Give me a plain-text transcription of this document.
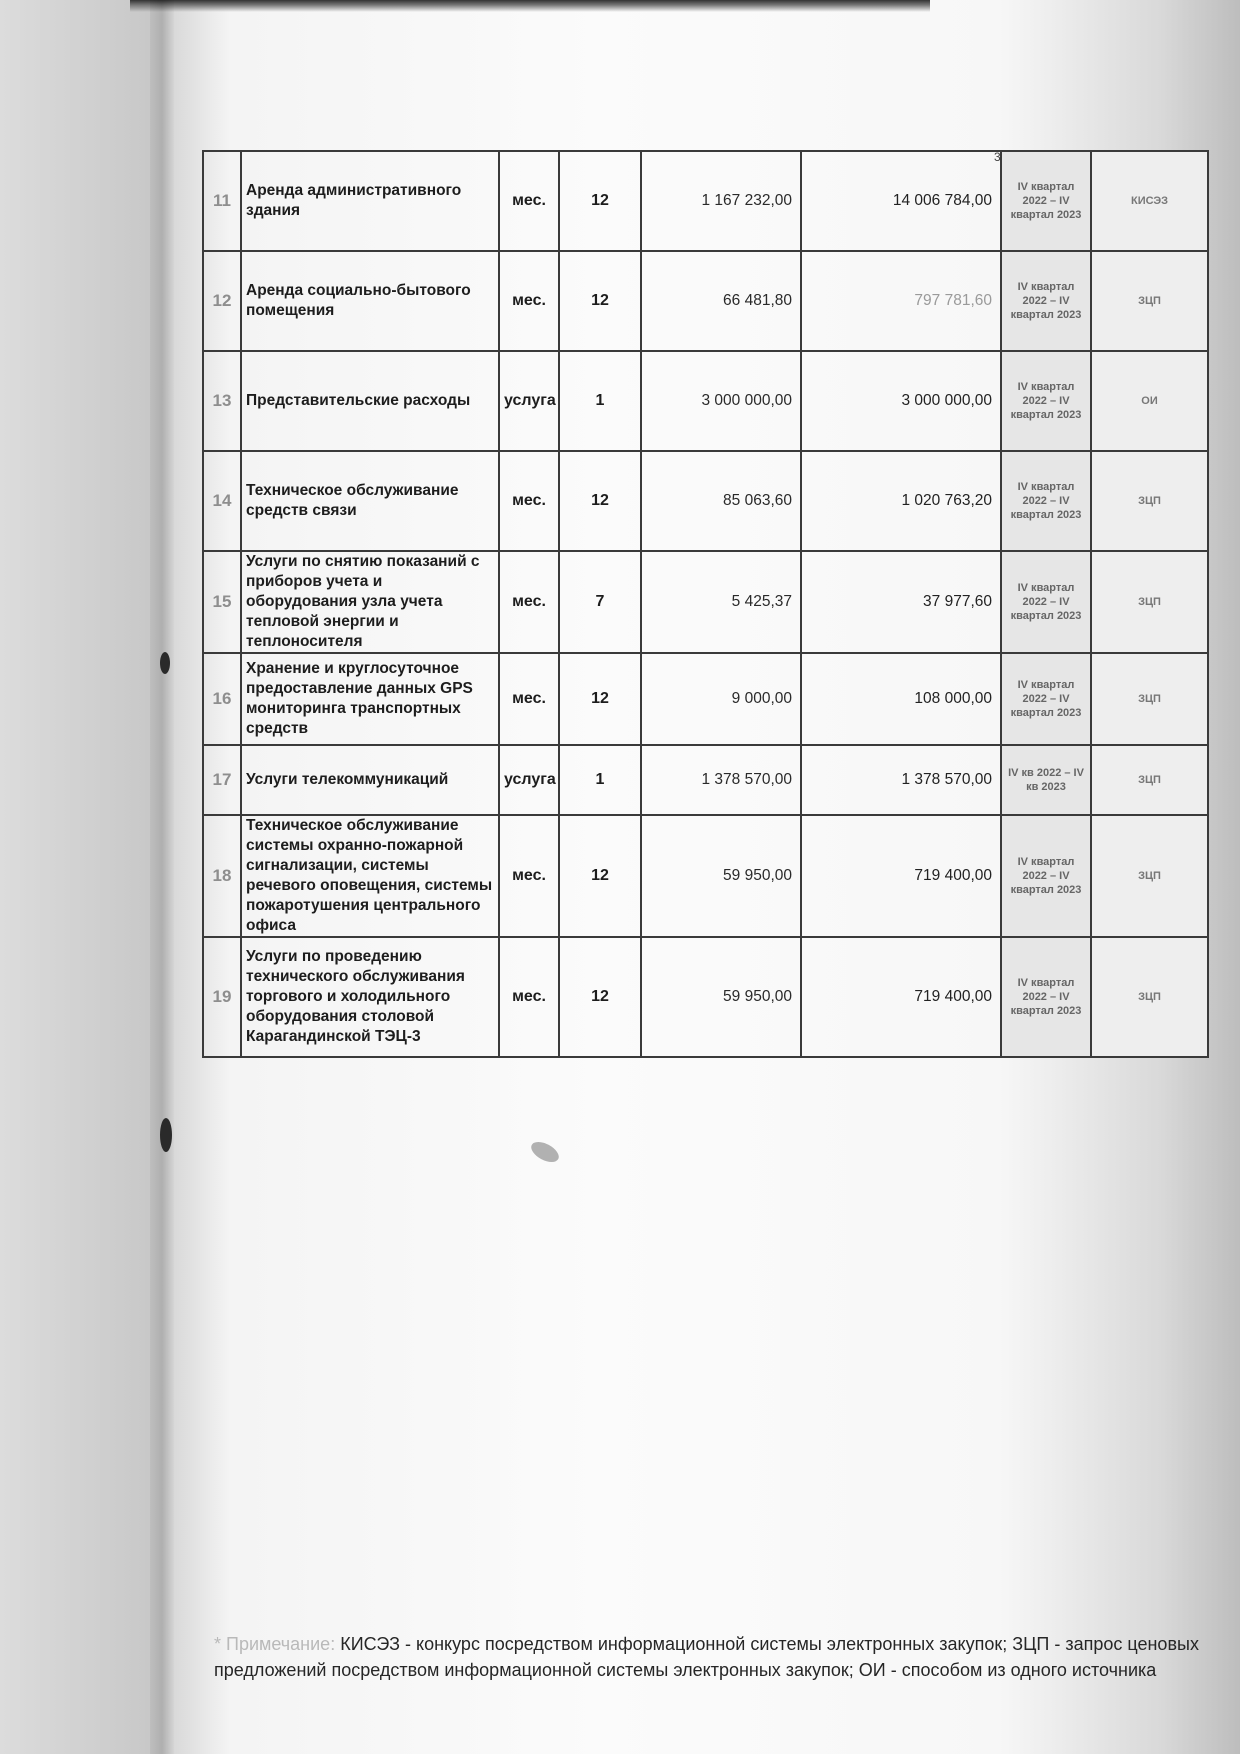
3
11	Аренда административного здания	мес.	12	1 167 232,00	14 006 784,00	IV квартал 2022 – IV квартал 2023	КИСЭЗ
12	Аренда социально-бытового помещения	мес.	12	66 481,80	797 781,60	IV квартал 2022 – IV квартал 2023	ЗЦП
13	Представительские расходы	услуга	1	3 000 000,00	3 000 000,00	IV квартал 2022 – IV квартал 2023	ОИ
14	Техническое обслуживание средств связи	мес.	12	85 063,60	1 020 763,20	IV квартал 2022 – IV квартал 2023	ЗЦП
15	Услуги по снятию показаний с приборов учета и оборудования узла учета тепловой энергии и теплоносителя	мес.	7	5 425,37	37 977,60	IV квартал 2022 – IV квартал 2023	ЗЦП
16	Хранение и круглосуточное предоставление данных GPS мониторинга транспортных средств	мес.	12	9 000,00	108 000,00	IV квартал 2022 – IV квартал 2023	ЗЦП
17	Услуги телекоммуникаций	услуга	1	1 378 570,00	1 378 570,00	IV кв 2022 – IV кв 2023	ЗЦП
18	Техническое обслуживание системы охранно-пожарной сигнализации, системы речевого оповещения, системы пожаротушения центрального офиса	мес.	12	59 950,00	719 400,00	IV квартал 2022 – IV квартал 2023	ЗЦП
19	Услуги по проведению технического обслуживания торгового и холодильного оборудования столовой Карагандинской ТЭЦ-3	мес.	12	59 950,00	719 400,00	IV квартал 2022 – IV квартал 2023	ЗЦП
* Примечание: КИСЭЗ - конкурс посредством информационной системы электронных закупок; ЗЦП - запрос ценовых предложений посредством информационной системы электронных закупок; ОИ - способом из одного источника
